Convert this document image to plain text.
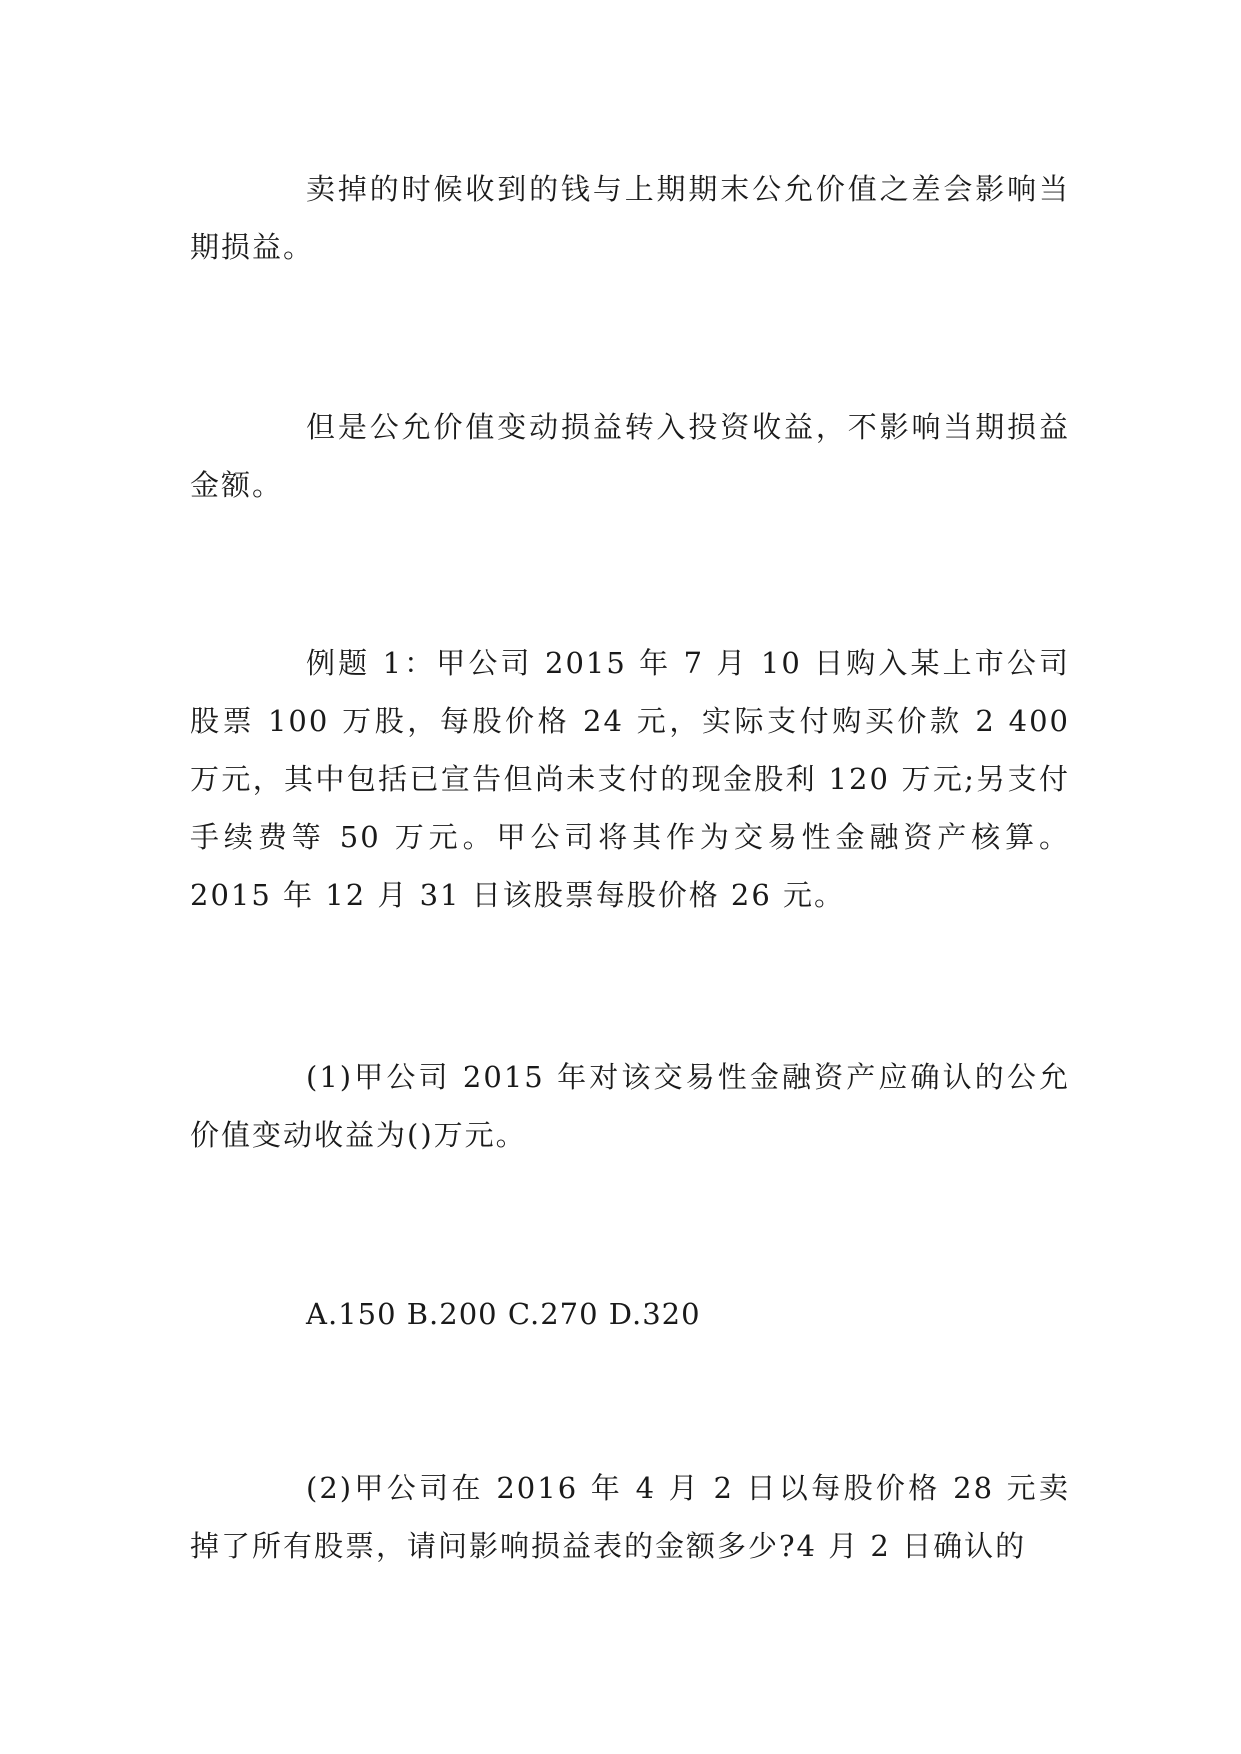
卖掉的时候收到的钱与上期期末公允价值之差会影响当期损益。

但是公允价值变动损益转入投资收益，不影响当期损益金额。

例题 1：甲公司 2015 年 7 月 10 日购入某上市公司股票 100 万股，每股价格 24 元，实际支付购买价款 2 400 万元，其中包括已宣告但尚未支付的现金股利 120 万元;另支付手续费等 50 万元。甲公司将其作为交易性金融资产核算。2015 年 12 月 31 日该股票每股价格 26 元。

(1)甲公司 2015 年对该交易性金融资产应确认的公允价值变动收益为()万元。

A.150 B.200 C.270 D.320

(2)甲公司在 2016 年 4 月 2 日以每股价格 28 元卖掉了所有股票，请问影响损益表的金额多少?4 月 2 日确认的
